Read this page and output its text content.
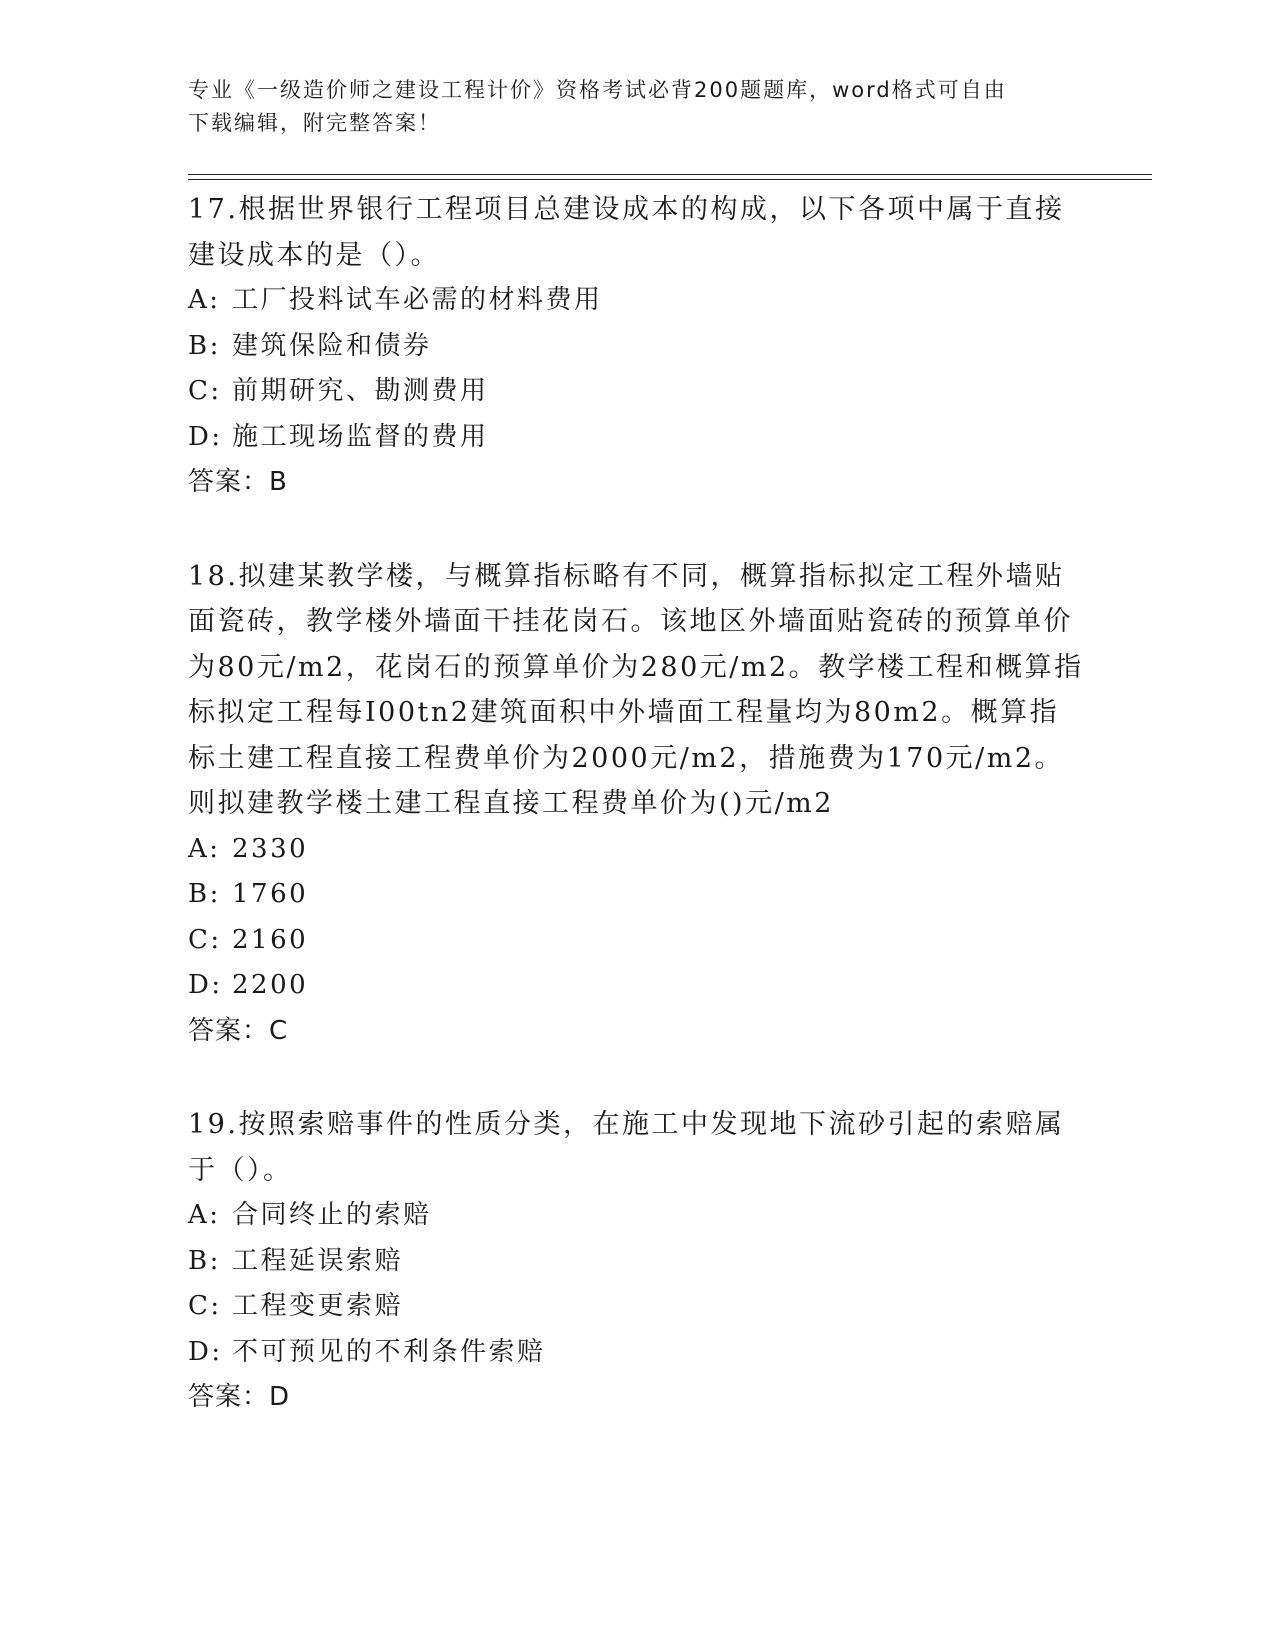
专业《一级造价师之建设工程计价》资格考试必背200题题库，word格式可自由
下载编辑，附完整答案！

17.根据世界银行工程项目总建设成本的构成，以下各项中属于直接建设成本的是（）。

A: 工厂投料试车必需的材料费用

B: 建筑保险和债券

C: 前期研究、勘测费用

D: 施工现场监督的费用

答案：B

18.拟建某教学楼，与概算指标略有不同，概算指标拟定工程外墙贴面瓷砖，教学楼外墙面干挂花岗石。该地区外墙面贴瓷砖的预算单价为80元/m2，花岗石的预算单价为280元/m2。教学楼工程和概算指标拟定工程每I00tn2建筑面积中外墙面工程量均为80m2。概算指标土建工程直接工程费单价为2000元/m2，措施费为170元/m2。则拟建教学楼土建工程直接工程费单价为()元/m2

A: 2330

B: 1760

C: 2160

D: 2200

答案：C

19.按照索赔事件的性质分类，在施工中发现地下流砂引起的索赔属于（）。

A: 合同终止的索赔

B: 工程延误索赔

C: 工程变更索赔

D: 不可预见的不利条件索赔

答案：D
